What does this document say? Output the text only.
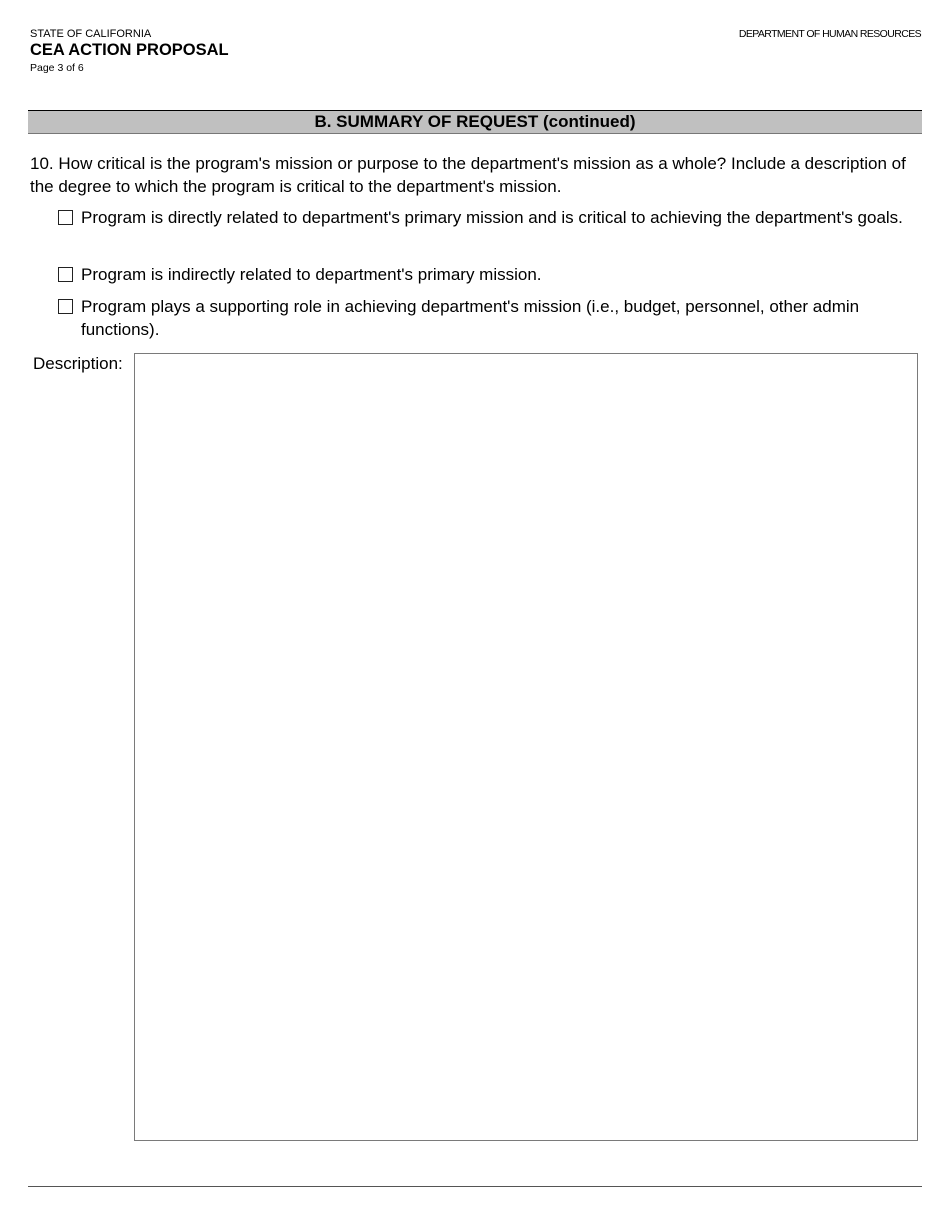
STATE OF CALIFORNIA
CEA ACTION PROPOSAL
Page 3 of 6
DEPARTMENT OF HUMAN RESOURCES
B. SUMMARY OF REQUEST (continued)
10. How critical is the program's mission or purpose to the department's mission as a whole? Include a description of the degree to which the program is critical to the department's mission.
Program is directly related to department's primary mission and is critical to achieving the department's goals.
Program is indirectly related to department's primary mission.
Program plays a supporting role in achieving department's mission (i.e., budget, personnel, other admin functions).
Description:
